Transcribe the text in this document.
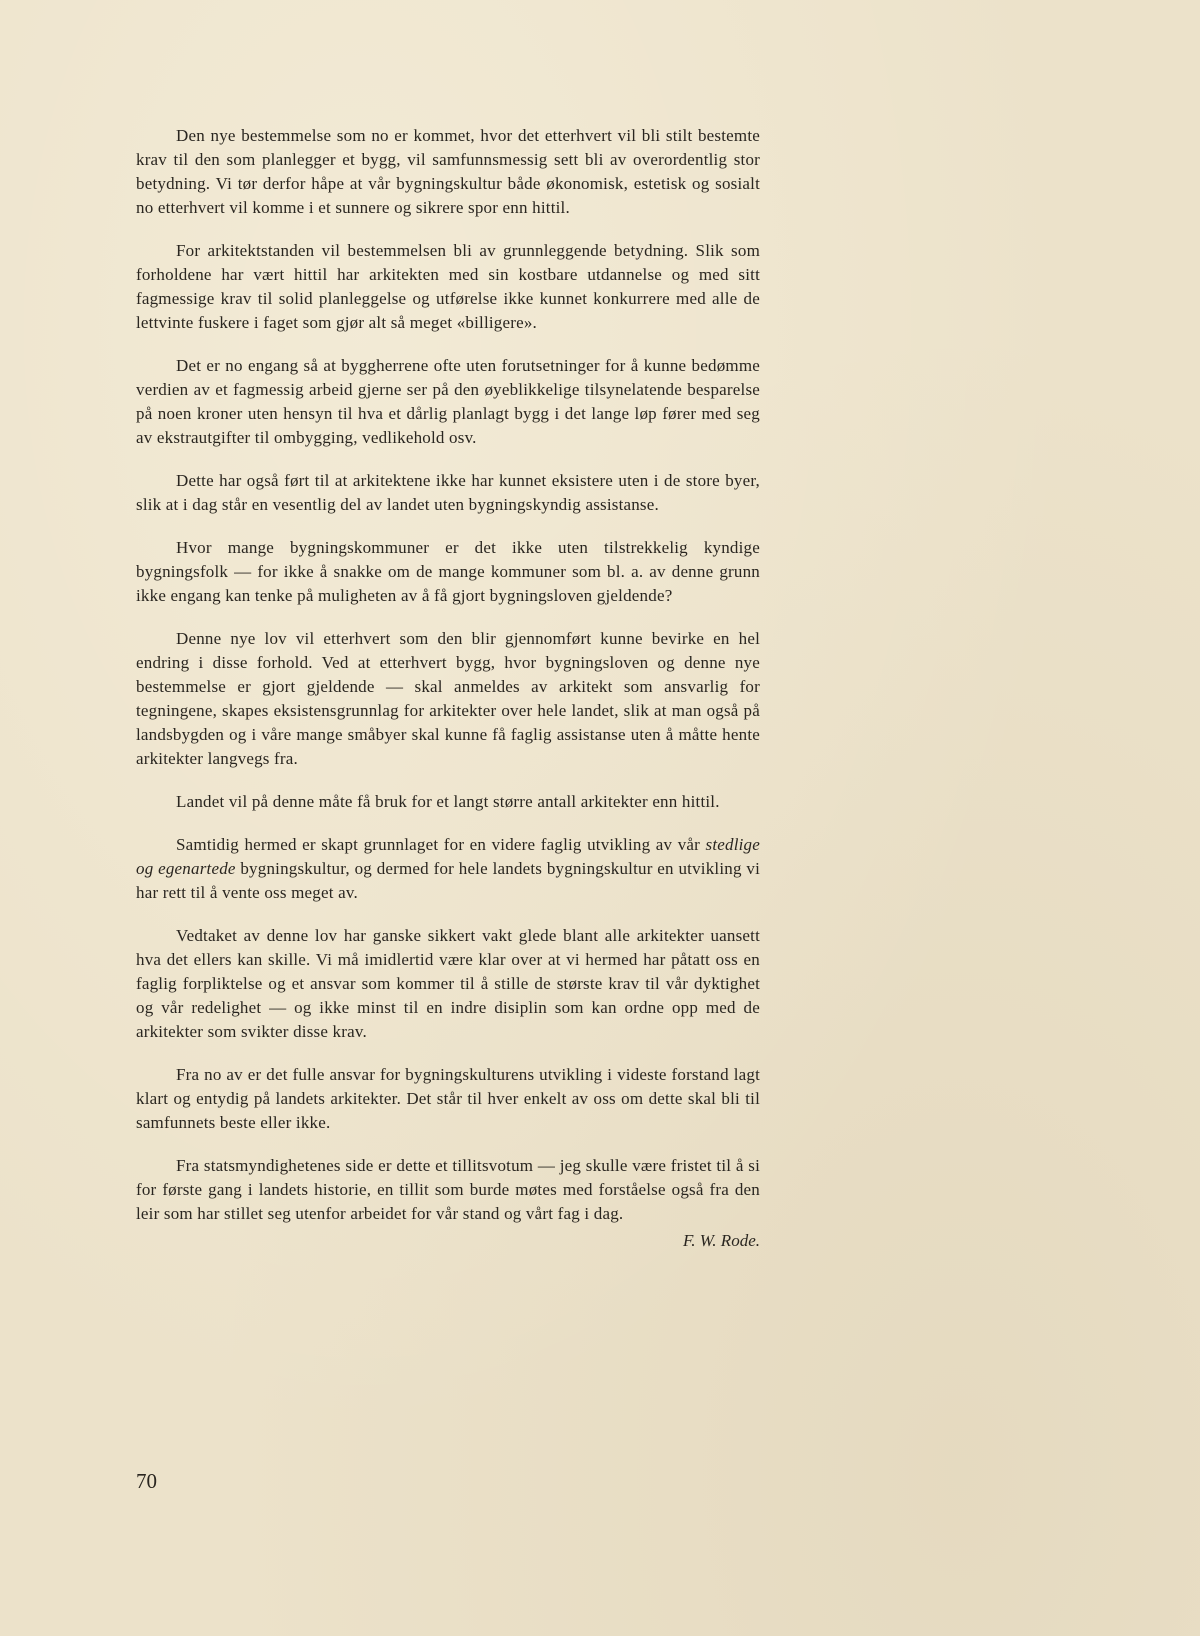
Den nye bestemmelse som no er kommet, hvor det etterhvert vil bli stilt bestemte krav til den som planlegger et bygg, vil samfunnsmessig sett bli av overordentlig stor betydning. Vi tør derfor håpe at vår bygningskultur både økonomisk, estetisk og sosialt no etterhvert vil komme i et sunnere og sikrere spor enn hittil.

For arkitektstanden vil bestemmelsen bli av grunnleggende betydning. Slik som forholdene har vært hittil har arkitekten med sin kostbare utdannelse og med sitt fagmessige krav til solid planleggelse og utførelse ikke kunnet konkurrere med alle de lettvinte fuskere i faget som gjør alt så meget «billigere».

Det er no engang så at byggherrene ofte uten forutsetninger for å kunne bedømme verdien av et fagmessig arbeid gjerne ser på den øyeblikkelige tilsynelatende besparelse på noen kroner uten hensyn til hva et dårlig planlagt bygg i det lange løp fører med seg av ekstrautgifter til ombygging, vedlikehold osv.

Dette har også ført til at arkitektene ikke har kunnet eksistere uten i de store byer, slik at i dag står en vesentlig del av landet uten bygningskyndig assistanse.

Hvor mange bygningskommuner er det ikke uten tilstrekkelig kyndige bygningsfolk — for ikke å snakke om de mange kommuner som bl. a. av denne grunn ikke engang kan tenke på muligheten av å få gjort bygningsloven gjeldende?

Denne nye lov vil etterhvert som den blir gjennomført kunne bevirke en hel endring i disse forhold. Ved at etterhvert bygg, hvor bygningsloven og denne nye bestemmelse er gjort gjeldende — skal anmeldes av arkitekt som ansvarlig for tegningene, skapes eksistensgrunnlag for arkitekter over hele landet, slik at man også på landsbygden og i våre mange småbyer skal kunne få faglig assistanse uten å måtte hente arkitekter langvegs fra.

Landet vil på denne måte få bruk for et langt større antall arkitekter enn hittil.

Samtidig hermed er skapt grunnlaget for en videre faglig utvikling av vår stedlige og egenartede bygningskultur, og dermed for hele landets bygningskultur en utvikling vi har rett til å vente oss meget av.

Vedtaket av denne lov har ganske sikkert vakt glede blant alle arkitekter uansett hva det ellers kan skille. Vi må imidlertid være klar over at vi hermed har påtatt oss en faglig forpliktelse og et ansvar som kommer til å stille de største krav til vår dyktighet og vår redelighet — og ikke minst til en indre disiplin som kan ordne opp med de arkitekter som svikter disse krav.

Fra no av er det fulle ansvar for bygningskulturens utvikling i videste forstand lagt klart og entydig på landets arkitekter. Det står til hver enkelt av oss om dette skal bli til samfunnets beste eller ikke.

Fra statsmyndighetenes side er dette et tillitsvotum — jeg skulle være fristet til å si for første gang i landets historie, en tillit som burde møtes med forståelse også fra den leir som har stillet seg utenfor arbeidet for vår stand og vårt fag i dag.

F. W. Rode.

70
